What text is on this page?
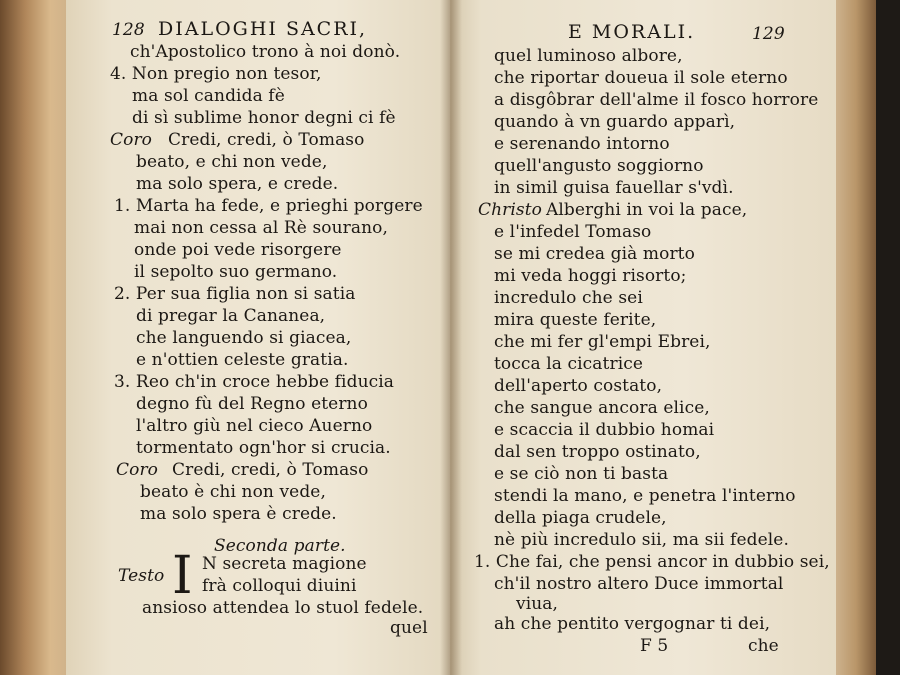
128 DIALOGHI SACRI,
ch'Apostolico trono à noi donò.
4. Non pregio non tesor,
ma sol candida fè
di sì sublime honor degni ci fè
Coro Credi, credi, ò Tomaso
beato, e chi non vede,
ma solo spera, e crede.
1. Marta ha fede, e prieghi porgere
mai non cessa al Rè sourano,
onde poi vede risorgere
il sepolto suo germano.
2. Per sua figlia non si satia
di pregar la Cananea,
che languendo si giacea,
e n'ottien celeste gratia.
3. Reo ch'in croce hebbe fiducia
degno fù del Regno eterno
l'altro giù nel cieco Auerno
tormentato ogn'hor si crucia.
Coro Credi, credi, ò Tomaso
beato è chi non vede,
ma solo spera è crede.
Seconda parte.
Testo I N secreta magione
frà colloqui diuini
ansioso attendea lo stuol fedele.
quel
E MORALI.	129
quel luminoso albore,
che riportar doueua il sole eterno
a disgôbrar dell'alme il fosco horrore
quando à vn guardo apparì,
e serenando intorno
quell'angusto soggiorno
in simil guisa fauellar s'vdì.
Christo Alberghi in voi la pace,
e l'infedel Tomaso
se mi credea già morto
mi veda hoggi risorto;
incredulo che sei
mira queste ferite,
che mi fer gl'empi Ebrei,
tocca la cicatrice
dell'aperto costato,
che sangue ancora elice,
e scaccia il dubbio homai
dal sen troppo ostinato,
e se ciò non ti basta
stendi la mano, e penetra l'interno
della piaga crudele,
nè più incredulo sii, ma sii fedele.
1. Che fai, che pensi ancor in dubbio sei,
ch'il nostro altero Duce immortal
viua,
ah che pentito vergognar ti dei,
F 5	che
